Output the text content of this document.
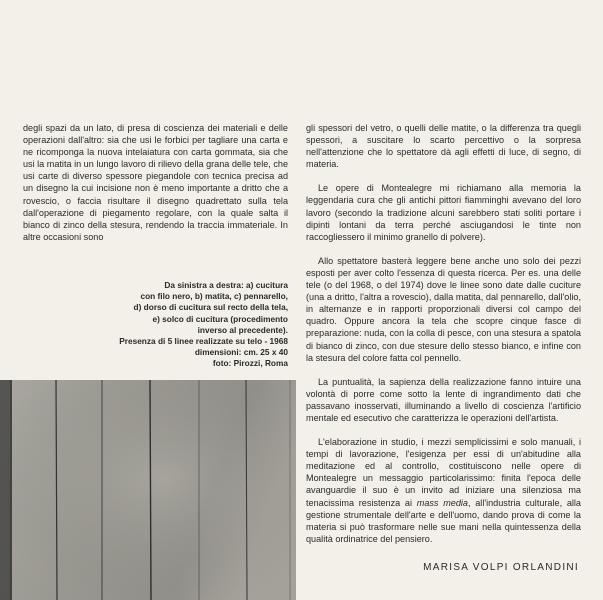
degli spazi da un lato, di presa di coscienza dei materiali e delle operazioni dall'altro: sia che usi le forbici per tagliare una carta e ne ricomponga la nuova intelaiatura con carta gommata, sia che usi la matita in un lungo lavoro di rilievo della grana delle tele, che usi carte di diverso spessore piegandole con tecnica precisa ad un disegno la cui incisione non è meno importante a dritto che a rovescio, o faccia risultare il disegno quadrettato sulla tela dall'operazione di piegamento regolare, con la quale salta il bianco di zinco della stesura, rendendo la traccia immateriale. In altre occasioni sono

Da sinistra a destra: a) cucitura
con filo nero, b) matita, c) pennarello,
d) dorso di cucitura sul recto della tela,
e) solco di cucitura (procedimento
inverso al precedente).
Presenza di 5 linee realizzate su telo - 1968
dimensioni: cm. 25 x 40
foto: Pirozzi, Roma

gli spessori del vetro, o quelli delle matite, o la differenza tra quegli spessori, a suscitare lo scarto percettivo o la sorpresa nell'attenzione che lo spettatore dà agli effetti di luce, di segno, di materia.

Le opere di Montealegre mi richiamano alla memoria la leggendaria cura che gli antichi pittori fiamminghi avevano del loro lavoro (secondo la tradizione alcuni sarebbero stati soliti portare i dipinti lontani da terra perché asciugandosi le tinte non raccogliessero il minimo granello di polvere).

Allo spettatore basterà leggere bene anche uno solo dei pezzi esposti per aver colto l'essenza di questa ricerca. Per es. una delle tele (o del 1968, o del 1974) dove le linee sono date dalle cuciture (una a dritto, l'altra a rovescio), dalla matita, dal pennarello, dall'olio, in alternanze e in rapporti proporzionali diversi col campo del quadro. Oppure ancora la tela che scopre cinque fasce di preparazione: nuda, con la colla di pesce, con una stesura a spatola di bianco di zinco, con due stesure dello stesso bianco, e infine con la stesura del colore fatta col pennello.

La puntualità, la sapienza della realizzazione fanno intuire una volontà di porre come sotto la lente di ingrandimento dati che passavano inosservati, illuminando a livello di coscienza l'artificio mentale ed esecutivo che caratterizza le operazioni dell'artista.

L'elaborazione in studio, i mezzi semplicissimi e solo manuali, i tempi di lavorazione, l'esigenza per essi di un'abitudine alla meditazione ed al controllo, costituiscono nelle opere di Montealegre un messaggio particolarissimo: finita l'epoca delle avanguardie il suo è un invito ad iniziare una silenziosa ma tenacissima resistenza ai mass media, all'industria culturale, alla gestione strumentale dell'arte e dell'uomo, dando prova di come la materia si può trasformare nelle sue mani nella quintessenza della qualità ordinatrice del pensiero.

MARISA VOLPI ORLANDINI
